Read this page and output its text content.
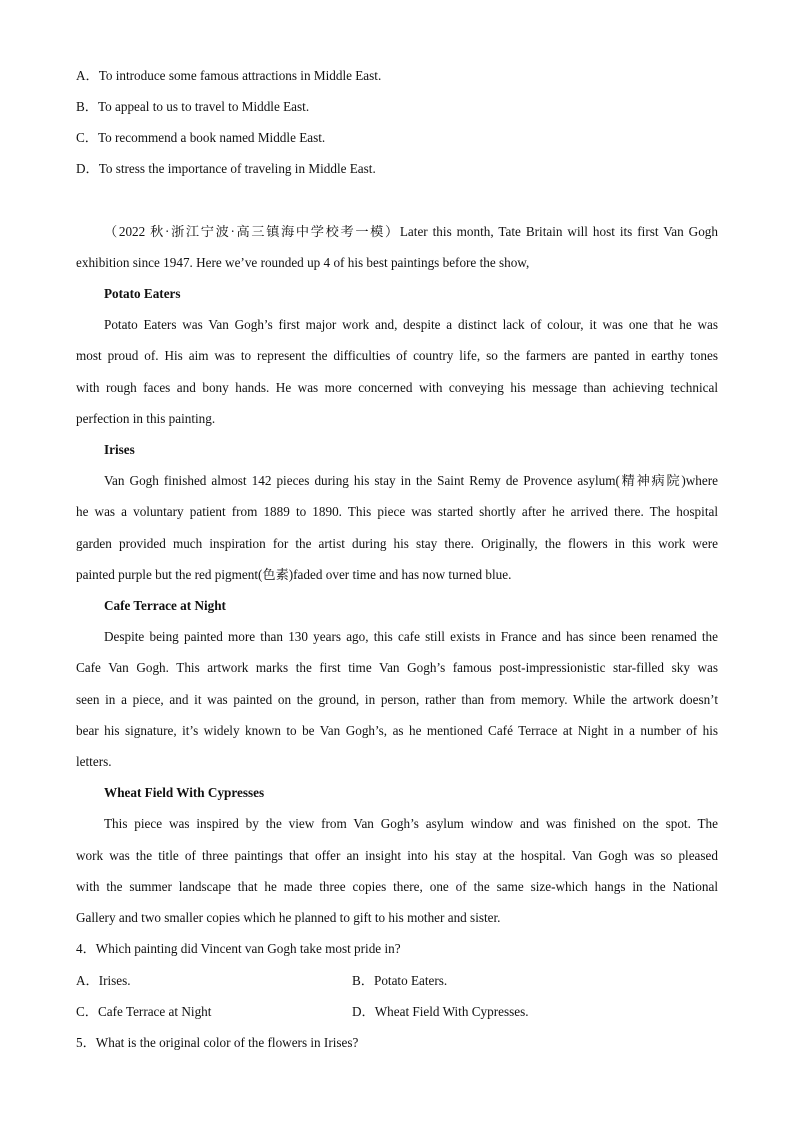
A．To introduce some famous attractions in Middle East.
B．To appeal to us to travel to Middle East.
C．To recommend a book named Middle East.
D．To stress the importance of traveling in Middle East.
（2022 秋·浙江宁波·高三镇海中学校考一模）Later this month, Tate Britain will host its first Van Gogh
exhibition since 1947. Here we’ve rounded up 4 of his best paintings before the show,
Potato Eaters
Potato Eaters was Van Gogh’s first major work and, despite a distinct lack of colour, it was one that he was
most proud of. His aim was to represent the difficulties of country life, so the farmers are panted in earthy tones
with rough faces and bony hands. He was more concerned with conveying his message than achieving technical
perfection in this painting.
Irises
Van Gogh finished almost 142 pieces during his stay in the Saint Remy de Provence asylum(精神病院)where
he was a voluntary patient from 1889 to 1890. This piece was started shortly after he arrived there. The hospital
garden provided much inspiration for the artist during his stay there. Originally, the flowers in this work were
painted purple but the red pigment(色素)faded over time and has now turned blue.
Cafe Terrace at Night
Despite being painted more than 130 years ago, this cafe still exists in France and has since been renamed the
Cafe Van Gogh. This artwork marks the first time Van Gogh’s famous post-impressionistic star-filled sky was
seen in a piece, and it was painted on the ground, in person, rather than from memory. While the artwork doesn’t
bear his signature, it’s widely known to be Van Gogh’s, as he mentioned Café Terrace at Night in a number of his
letters.
Wheat Field With Cypresses
This piece was inspired by the view from Van Gogh’s asylum window and was finished on the spot. The
work was the title of three paintings that offer an insight into his stay at the hospital. Van Gogh was so pleased
with the summer landscape that he made three copies there, one of the same size-which hangs in the National
Gallery and two smaller copies which he planned to gift to his mother and sister.
4．Which painting did Vincent van Gogh take most pride in?
A．Irises.	B．Potato Eaters.
C．Cafe Terrace at Night	D．Wheat Field With Cypresses.
5．What is the original color of the flowers in Irises?
